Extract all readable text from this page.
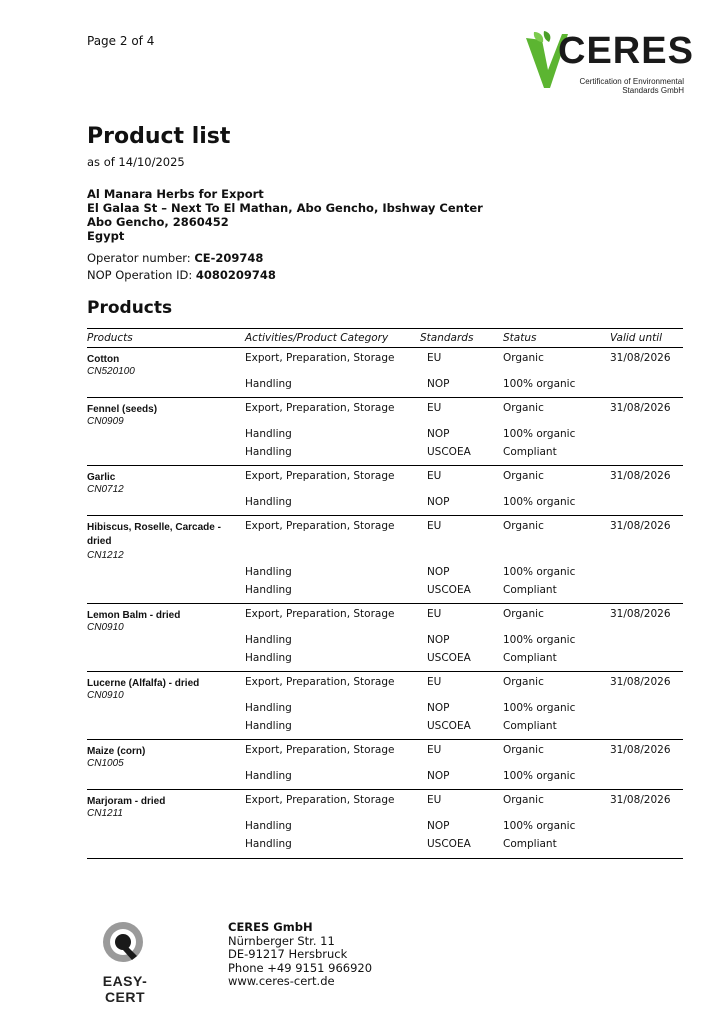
Page 2 of 4	CERES
Certification of Environmental
Standards GmbH
Product list
as of 14/10/2025
Al Manara Herbs for Export
El Galaa St – Next To El Mathan, Abo Gencho, Ibshway Center
Abo Gencho, 2860452
Egypt
Operator number: CE-209748
NOP Operation ID: 4080209748
Products
Products	Activities/Product Category	Standards	Status	Valid until
Cotton
CN520100
Export, Preparation, Storage	EU	Organic	31/08/2026
Handling	NOP	100% organic
Fennel (seeds)
CN0909
Export, Preparation, Storage	EU	Organic	31/08/2026
Handling	NOP	100% organic
Handling	USCOEA	Compliant
Garlic
CN0712
Export, Preparation, Storage	EU	Organic	31/08/2026
Handling	NOP	100% organic
Hibiscus, Roselle, Carcade - dried
CN1212
Export, Preparation, Storage	EU	Organic	31/08/2026
Handling	NOP	100% organic
Handling	USCOEA	Compliant
Lemon Balm - dried
CN0910
Export, Preparation, Storage	EU	Organic	31/08/2026
Handling	NOP	100% organic
Handling	USCOEA	Compliant
Lucerne (Alfalfa) - dried
CN0910
Export, Preparation, Storage	EU	Organic	31/08/2026
Handling	NOP	100% organic
Handling	USCOEA	Compliant
Maize (corn)
CN1005
Export, Preparation, Storage	EU	Organic	31/08/2026
Handling	NOP	100% organic
Marjoram - dried
CN1211
Export, Preparation, Storage	EU	Organic	31/08/2026
Handling	NOP	100% organic
Handling	USCOEA	Compliant
EASY-CERT
CERES GmbH
Nürnberger Str. 11
DE-91217 Hersbruck
Phone +49 9151 966920
www.ceres-cert.de
